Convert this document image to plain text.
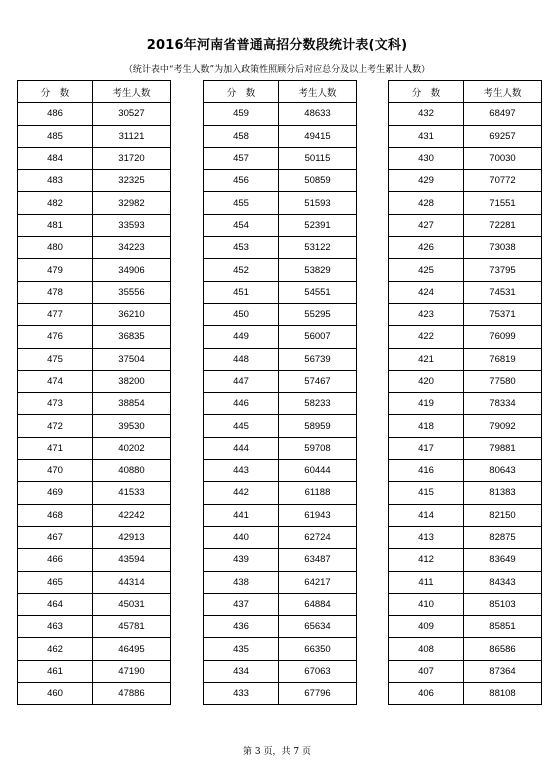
2016年河南省普通高招分数段统计表(文科)
（统计表中“考生人数”为加入政策性照顾分后对应总分及以上考生累计人数）
分　数	考生人数
486	30527
485	31121
484	31720
483	32325
482	32982
481	33593
480	34223
479	34906
478	35556
477	36210
476	36835
475	37504
474	38200
473	38854
472	39530
471	40202
470	40880
469	41533
468	42242
467	42913
466	43594
465	44314
464	45031
463	45781
462	46495
461	47190
460	47886
分　数	考生人数
459	48633
458	49415
457	50115
456	50859
455	51593
454	52391
453	53122
452	53829
451	54551
450	55295
449	56007
448	56739
447	57467
446	58233
445	58959
444	59708
443	60444
442	61188
441	61943
440	62724
439	63487
438	64217
437	64884
436	65634
435	66350
434	67063
433	67796
分　数	考生人数
432	68497
431	69257
430	70030
429	70772
428	71551
427	72281
426	73038
425	73795
424	74531
423	75371
422	76099
421	76819
420	77580
419	78334
418	79092
417	79881
416	80643
415	81383
414	82150
413	82875
412	83649
411	84343
410	85103
409	85851
408	86586
407	87364
406	88108
第 3 页，共 7 页
